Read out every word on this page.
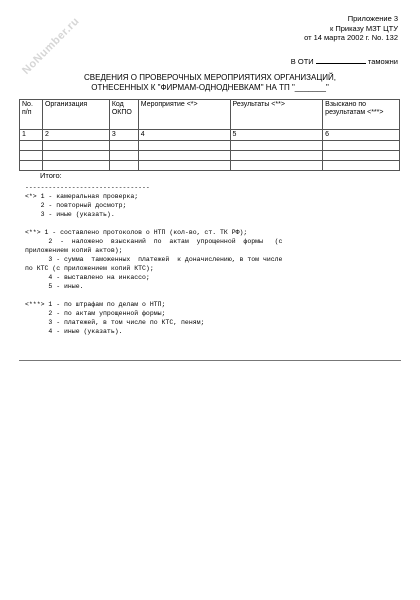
NoNumber.ru	Приложение 3
к Приказу МЗТ ЦТУ
от 14 марта 2002 г. No. 132
В ОТИ	таможни
СВЕДЕНИЯ О ПРОВЕРОЧНЫХ МЕРОПРИЯТИЯХ ОРГАНИЗАЦИЙ,
ОТНЕСЕННЫХ К "ФИРМАМ-ОДНОДНЕВКАМ" НА ТП "_______"
No. п/п	Организация	Код ОКПО	Мероприятие <*>	Результаты <**>	Взыскано по результатам <***>
1	2	3	4	5	6

Итого:
--------------------------------
<*> 1 - камеральная проверка;
2 - повторный досмотр;
3 - иные (указать).
<**> 1 - составлено протоколов о НТП (кол-во, ст. ТК РФ);
2  -  наложено  взысканий  по  актам  упрощенной  формы   (с
приложением копий актов);
3 - сумма  таможенных  платежей  к доначислению, в том числе
по КТС (с приложением копий КТС);
4 - выставлено на инкассо;
5 - иные.
<***> 1 - по штрафам по делам о НТП;
2 - по актам упрощенной формы;
3 - платежей, в том числе по КТС, пеням;
4 - иные (указать).
